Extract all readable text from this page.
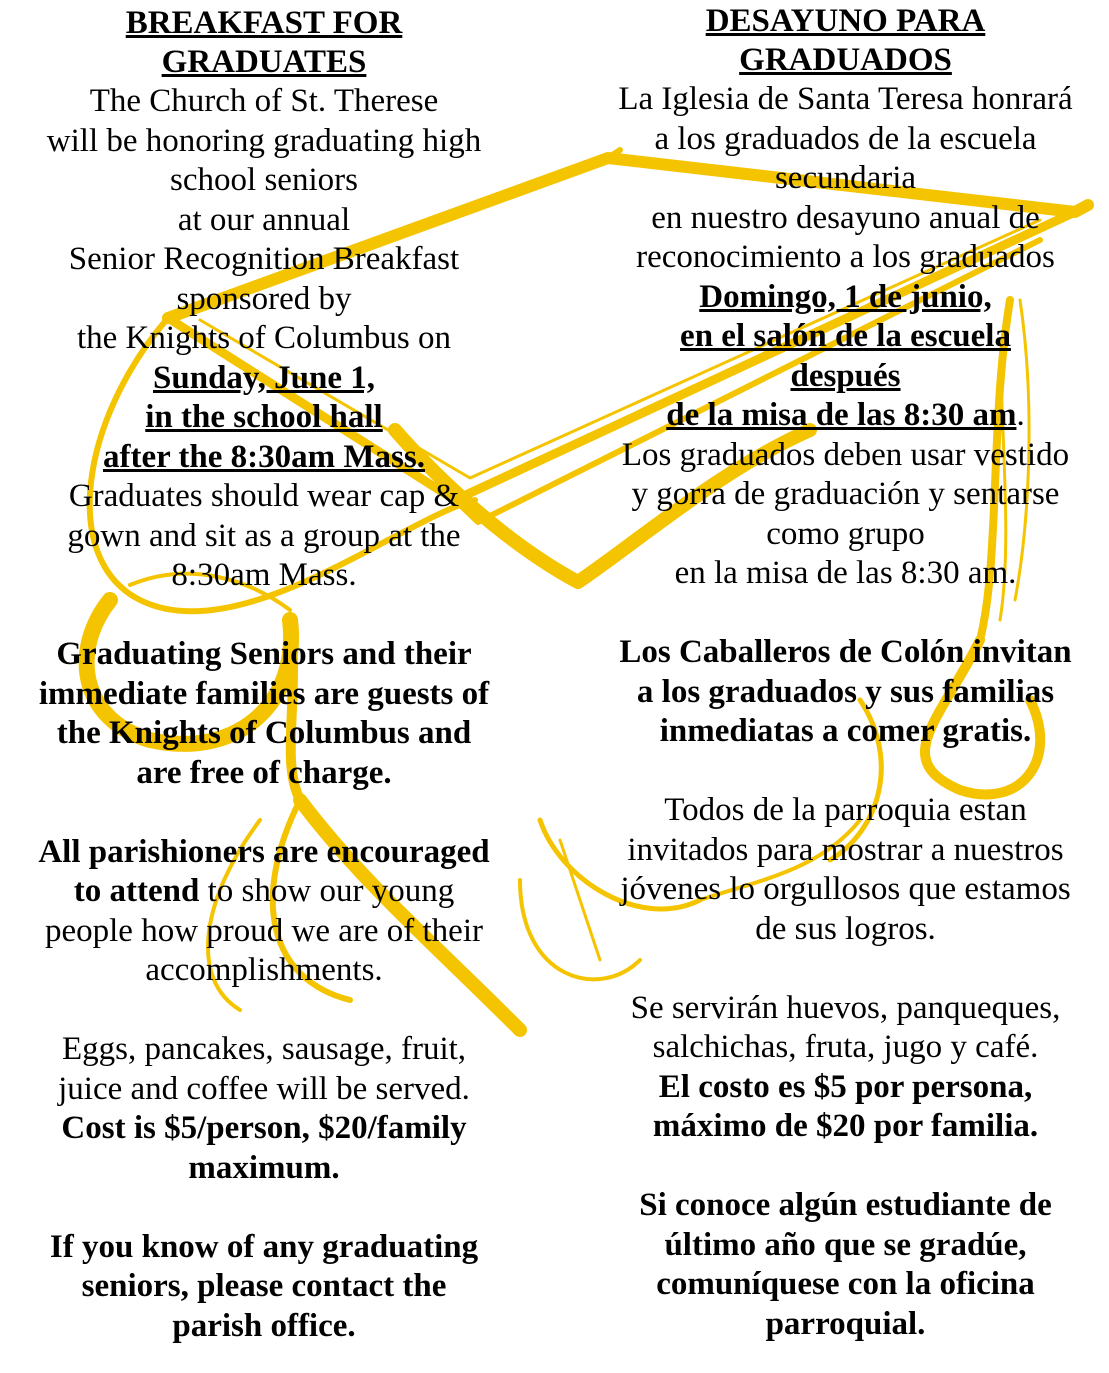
BREAKFAST FOR
GRADUATES

The Church of St. Therese
will be honoring graduating high
school seniors
at our annual
Senior Recognition Breakfast
sponsored by
the Knights of Columbus on

Sunday, June 1,
in the school hall
after the 8:30am Mass.

Graduates should wear cap &
gown and sit as a group at the
8:30am Mass.

Graduating Seniors and their
immediate families are guests of
the Knights of Columbus and
are free of charge.

All parishioners are encouraged
to attend to show our young
people how proud we are of their
accomplishments.

Eggs, pancakes, sausage, fruit,
juice and coffee will be served.

Cost is $5/person, $20/family
maximum.

If you know of any graduating
seniors, please contact the
parish office.

DESAYUNO PARA
GRADUADOS

La Iglesia de Santa Teresa honrará
a los graduados de la escuela
secundaria
en nuestro desayuno anual de
reconocimiento a los graduados

Domingo, 1 de junio,
en el salón de la escuela
después
de la misa de las 8:30 am.

Los graduados deben usar vestido
y gorra de graduación y sentarse
como grupo
en la misa de las 8:30 am.

Los Caballeros de Colón invitan
a los graduados y sus familias
inmediatas a comer gratis.

Todos de la parroquia estan
invitados para mostrar a nuestros
jóvenes lo orgullosos que estamos
de sus logros.

Se servirán huevos, panqueques,
salchichas, fruta, jugo y café.

El costo es $5 por persona,
máximo de $20 por familia.

Si conoce algún estudiante de
último año que se gradúe,
comuníquese con la oficina
parroquial.
